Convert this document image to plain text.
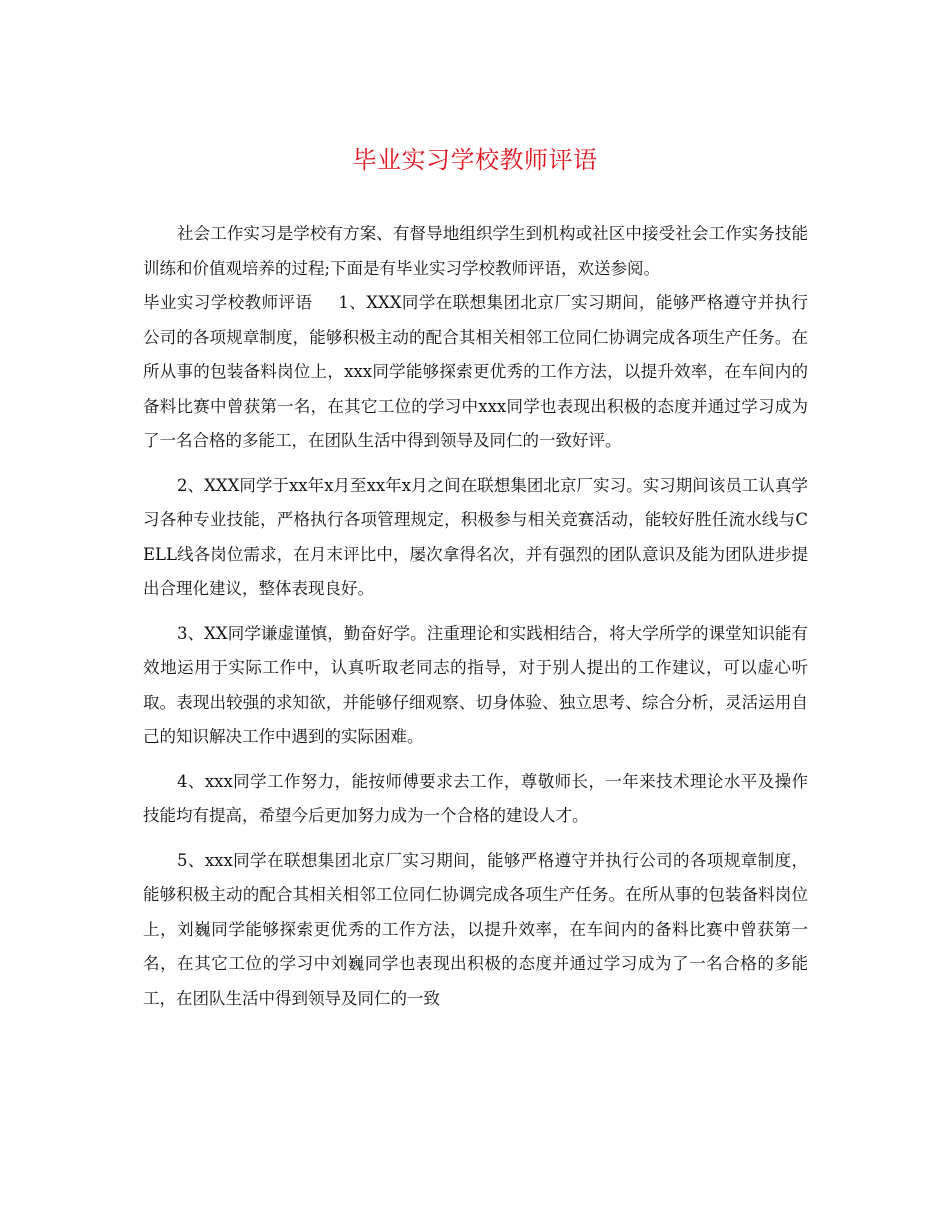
毕业实习学校教师评语

社会工作实习是学校有方案、有督导地组织学生到机构或社区中接受社会工作实务技能训练和价值观培养的过程;下面是有毕业实习学校教师评语，欢送参阅。

毕业实习学校教师评语 1、XXX同学在联想集团北京厂实习期间，能够严格遵守并执行公司的各项规章制度，能够积极主动的配合其相关相邻工位同仁协调完成各项生产任务。在所从事的包装备料岗位上，xxx同学能够探索更优秀的工作方法，以提升效率，在车间内的备料比赛中曾获第一名，在其它工位的学习中xxx同学也表现出积极的态度并通过学习成为了一名合格的多能工，在团队生活中得到领导及同仁的一致好评。

2、XXX同学于xx年x月至xx年x月之间在联想集团北京厂实习。实习期间该员工认真学习各种专业技能，严格执行各项管理规定，积极参与相关竞赛活动，能较好胜任流水线与CELL线各岗位需求，在月末评比中，屡次拿得名次，并有强烈的团队意识及能为团队进步提出合理化建议，整体表现良好。

3、XX同学谦虚谨慎，勤奋好学。注重理论和实践相结合，将大学所学的课堂知识能有效地运用于实际工作中，认真听取老同志的指导，对于别人提出的工作建议，可以虚心听取。表现出较强的求知欲，并能够仔细观察、切身体验、独立思考、综合分析，灵活运用自己的知识解决工作中遇到的实际困难。

4、xxx同学工作努力，能按师傅要求去工作，尊敬师长，一年来技术理论水平及操作技能均有提高，希望今后更加努力成为一个合格的建设人才。

5、xxx同学在联想集团北京厂实习期间，能够严格遵守并执行公司的各项规章制度，能够积极主动的配合其相关相邻工位同仁协调完成各项生产任务。在所从事的包装备料岗位上，刘巍同学能够探索更优秀的工作方法，以提升效率，在车间内的备料比赛中曾获第一名，在其它工位的学习中刘巍同学也表现出积极的态度并通过学习成为了一名合格的多能工，在团队生活中得到领导及同仁的一致
